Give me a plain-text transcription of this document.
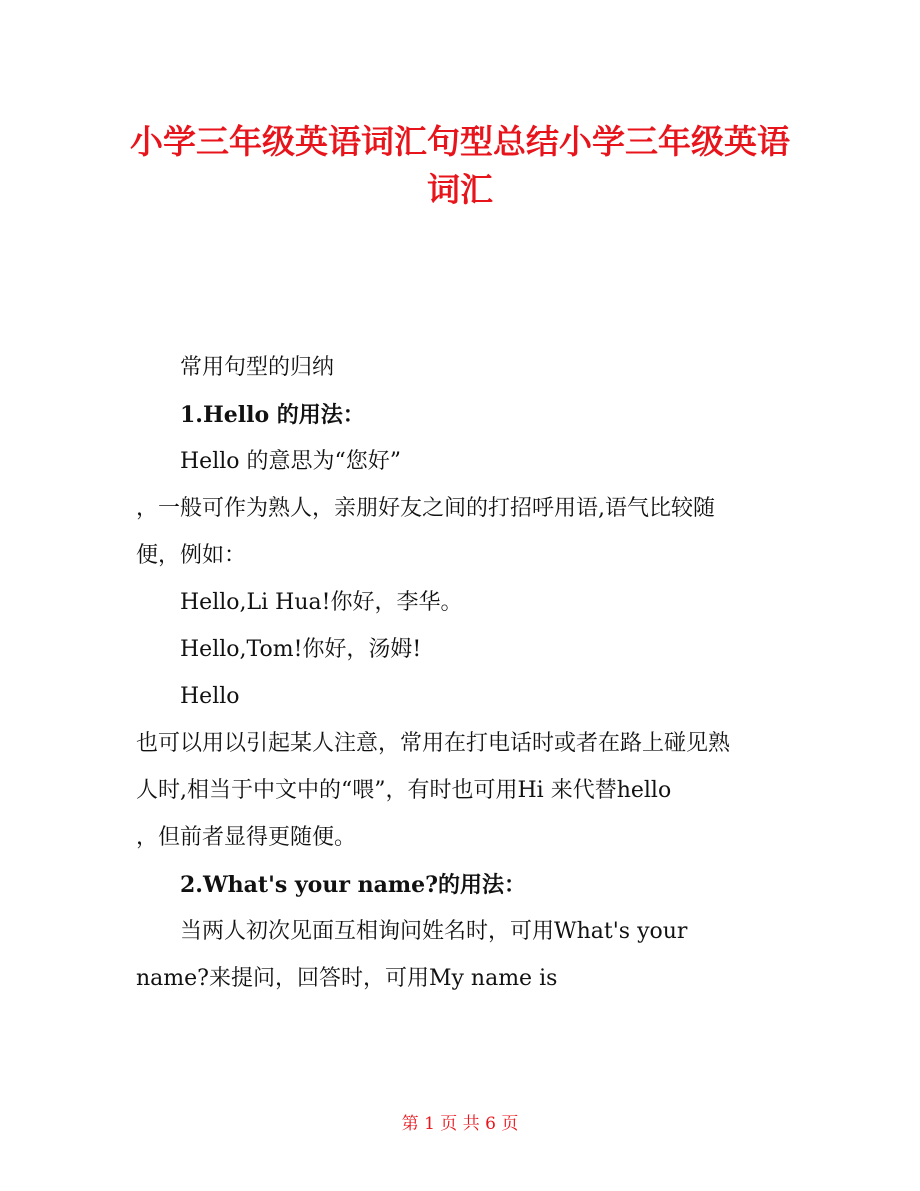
小学三年级英语词汇句型总结小学三年级英语
词汇

常用句型的归纳

1.Hello 的用法：

Hello 的意思为“您好”

，一般可作为熟人，亲朋好友之间的打招呼用语,语气比较随

便，例如：

Hello,Li Hua!你好，李华。

Hello,Tom!你好，汤姆!

Hello

也可以用以引起某人注意，常用在打电话时或者在路上碰见熟

人时,相当于中文中的“喂”，有时也可用Hi 来代替hello

，但前者显得更随便。

2.What's your name?的用法：

当两人初次见面互相询问姓名时，可用What's your

name?来提问，回答时，可用My name is

第 1 页 共 6 页
